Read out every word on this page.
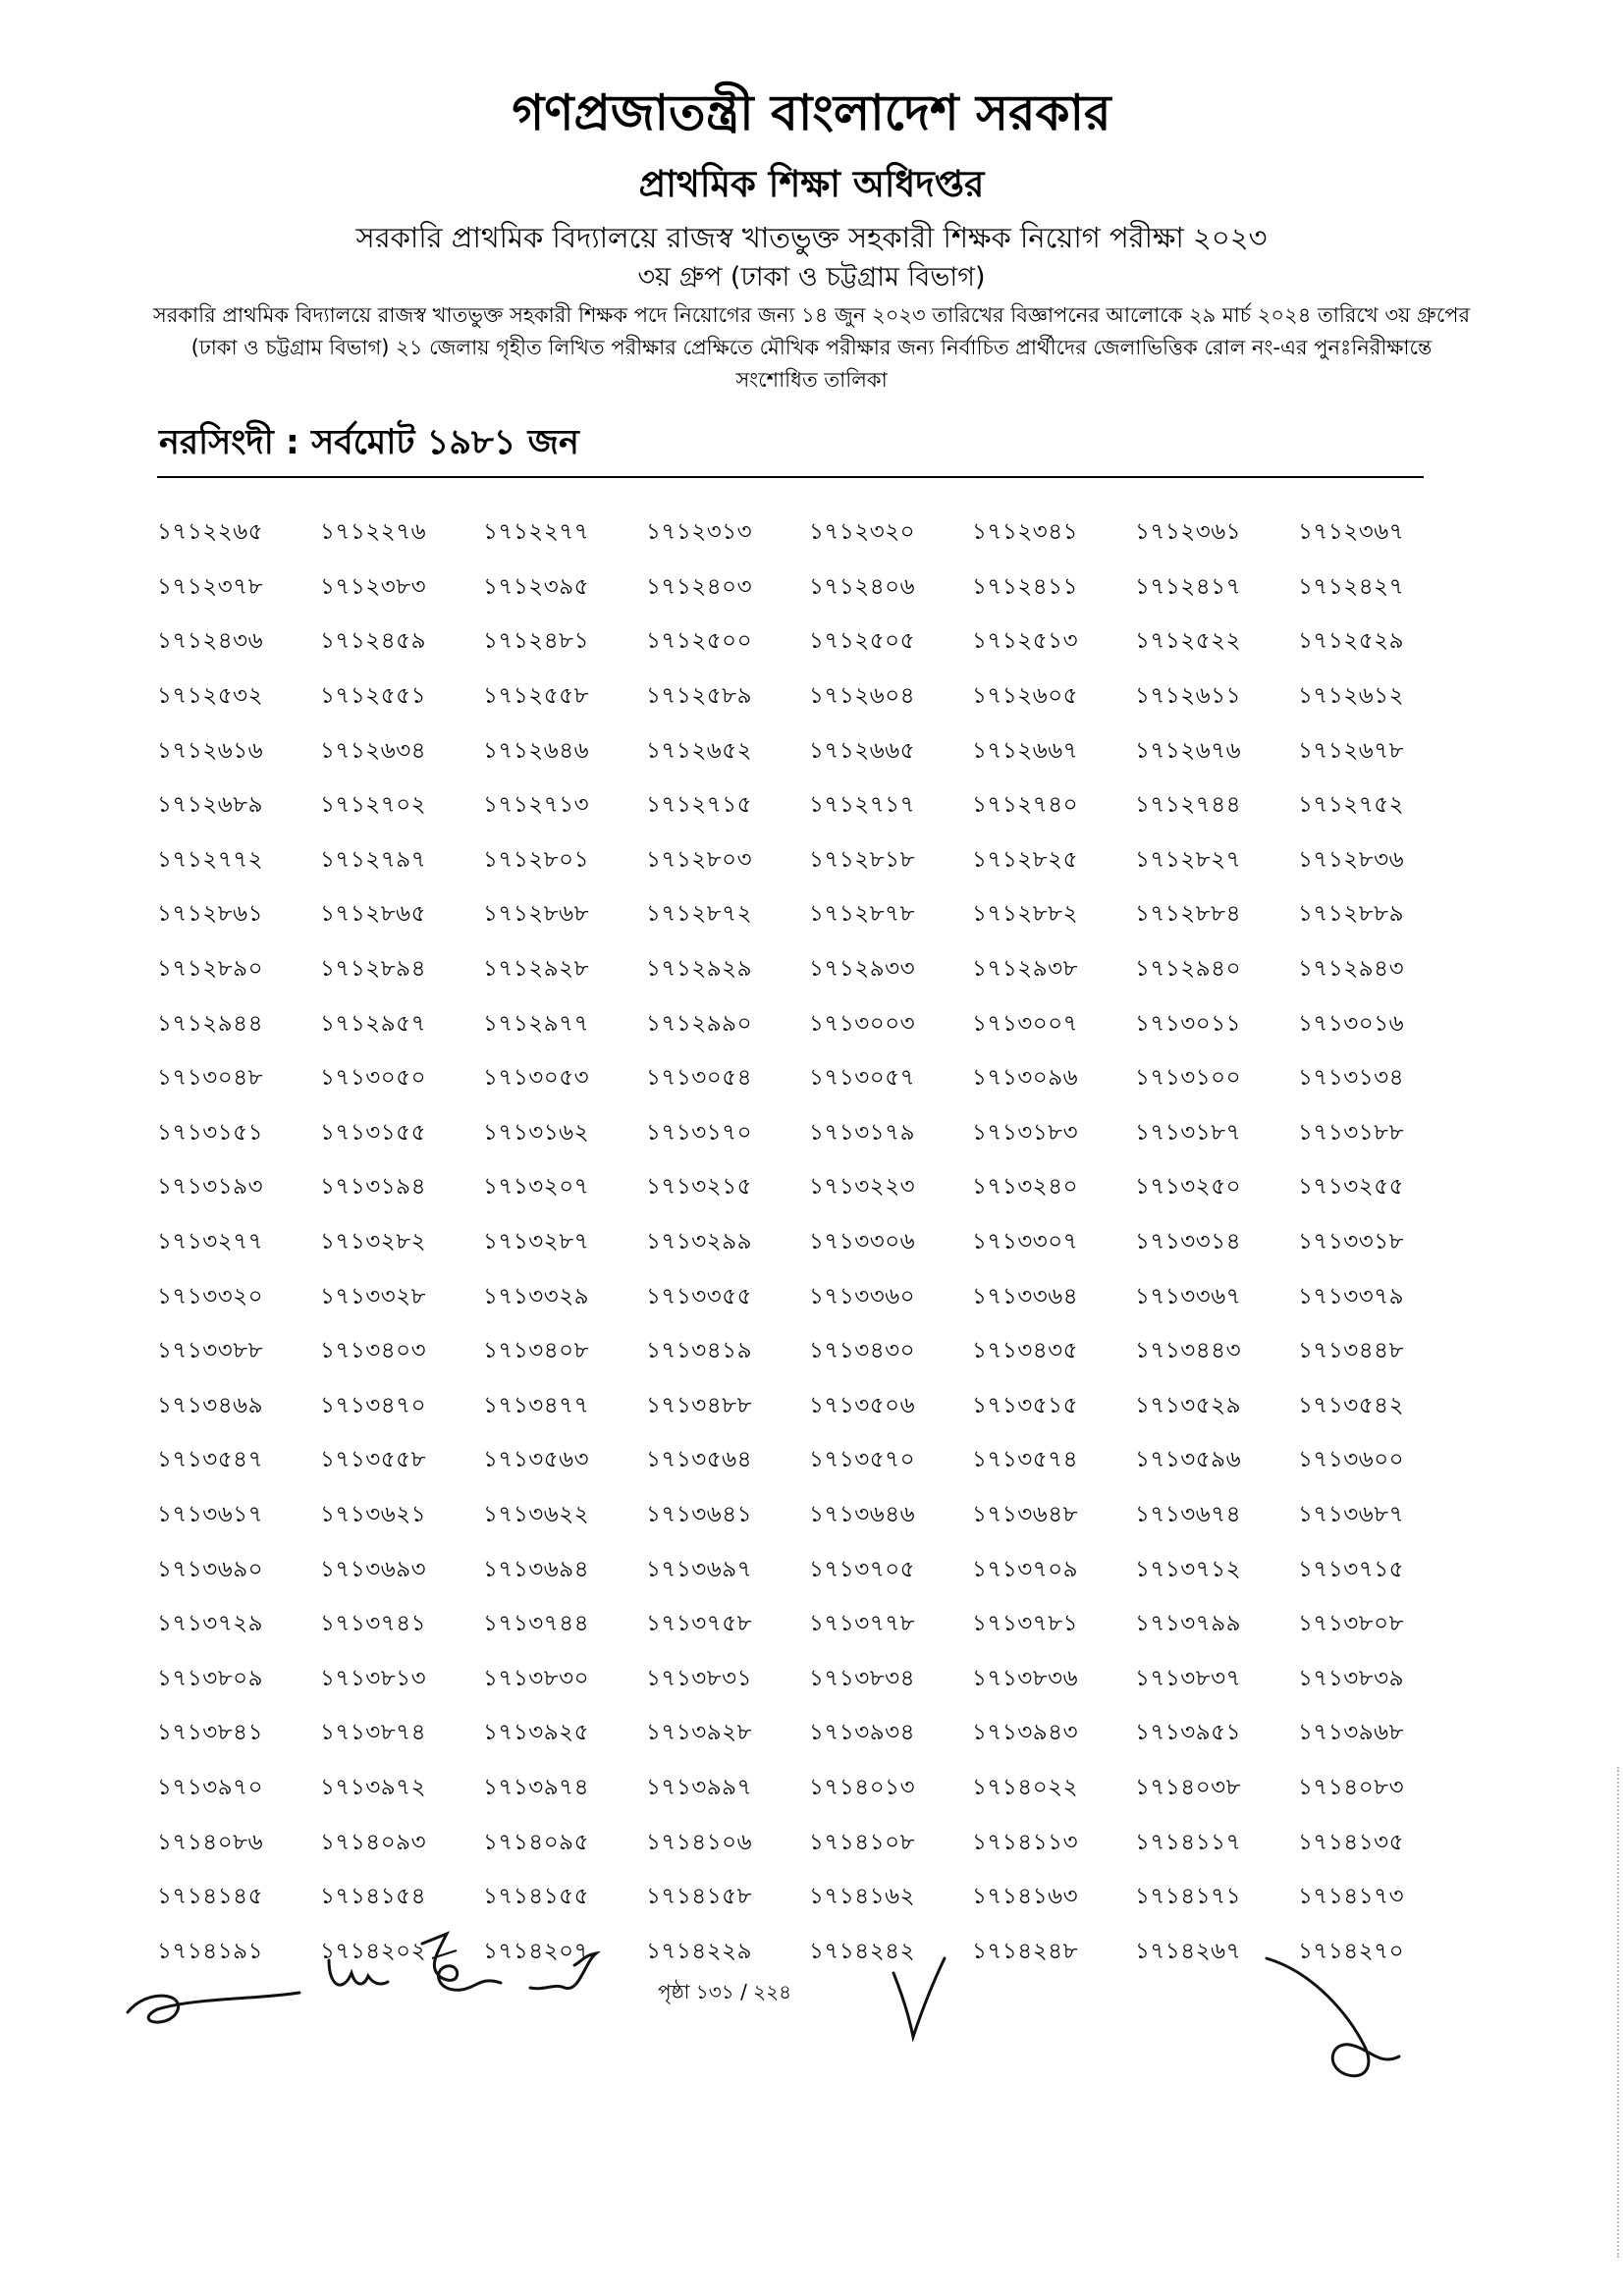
গণপ্রজাতন্ত্রী বাংলাদেশ সরকার
প্রাথমিক শিক্ষা অধিদপ্তর
সরকারি প্রাথমিক বিদ্যালয়ে রাজস্ব খাতভুক্ত সহকারী শিক্ষক নিয়োগ পরীক্ষা ২০২৩
৩য় গ্রুপ (ঢাকা ও চট্টগ্রাম বিভাগ)
সরকারি প্রাথমিক বিদ্যালয়ে রাজস্ব খাতভুক্ত সহকারী শিক্ষক পদে নিয়োগের জন্য ১৪ জুন ২০২৩ তারিখের বিজ্ঞাপনের আলোকে ২৯ মার্চ ২০২৪ তারিখে ৩য় গ্রুপের (ঢাকা ও চট্টগ্রাম বিভাগ) ২১ জেলায় গৃহীত লিখিত পরীক্ষার প্রেক্ষিতে মৌখিক পরীক্ষার জন্য নির্বাচিত প্রার্থীদের জেলাভিত্তিক রোল নং-এর পুনঃনিরীক্ষান্তে সংশোধিত তালিকা
নরসিংদী : সর্বমোট ১৯৮১ জন
১৭১২২৬৫	১৭১২২৭৬	১৭১২২৭৭	১৭১২৩১৩	১৭১২৩২০	১৭১২৩৪১	১৭১২৩৬১	১৭১২৩৬৭
১৭১২৩৭৮	১৭১২৩৮৩	১৭১২৩৯৫	১৭১২৪০৩	১৭১২৪০৬	১৭১২৪১১	১৭১২৪১৭	১৭১২৪২৭
১৭১২৪৩৬	১৭১২৪৫৯	১৭১২৪৮১	১৭১২৫০০	১৭১২৫০৫	১৭১২৫১৩	১৭১২৫২২	১৭১২৫২৯
১৭১২৫৩২	১৭১২৫৫১	১৭১২৫৫৮	১৭১২৫৮৯	১৭১২৬০৪	১৭১২৬০৫	১৭১২৬১১	১৭১২৬১২
১৭১২৬১৬	১৭১২৬৩৪	১৭১২৬৪৬	১৭১২৬৫২	১৭১২৬৬৫	১৭১২৬৬৭	১৭১২৬৭৬	১৭১২৬৭৮
১৭১২৬৮৯	১৭১২৭০২	১৭১২৭১৩	১৭১২৭১৫	১৭১২৭১৭	১৭১২৭৪০	১৭১২৭৪৪	১৭১২৭৫২
১৭১২৭৭২	১৭১২৭৯৭	১৭১২৮০১	১৭১২৮০৩	১৭১২৮১৮	১৭১২৮২৫	১৭১২৮২৭	১৭১২৮৩৬
১৭১২৮৬১	১৭১২৮৬৫	১৭১২৮৬৮	১৭১২৮৭২	১৭১২৮৭৮	১৭১২৮৮২	১৭১২৮৮৪	১৭১২৮৮৯
১৭১২৮৯০	১৭১২৮৯৪	১৭১২৯২৮	১৭১২৯২৯	১৭১২৯৩৩	১৭১২৯৩৮	১৭১২৯৪০	১৭১২৯৪৩
১৭১২৯৪৪	১৭১২৯৫৭	১৭১২৯৭৭	১৭১২৯৯০	১৭১৩০০৩	১৭১৩০০৭	১৭১৩০১১	১৭১৩০১৬
১৭১৩০৪৮	১৭১৩০৫০	১৭১৩০৫৩	১৭১৩০৫৪	১৭১৩০৫৭	১৭১৩০৯৬	১৭১৩১০০	১৭১৩১৩৪
১৭১৩১৫১	১৭১৩১৫৫	১৭১৩১৬২	১৭১৩১৭০	১৭১৩১৭৯	১৭১৩১৮৩	১৭১৩১৮৭	১৭১৩১৮৮
১৭১৩১৯৩	১৭১৩১৯৪	১৭১৩২০৭	১৭১৩২১৫	১৭১৩২২৩	১৭১৩২৪০	১৭১৩২৫০	১৭১৩২৫৫
১৭১৩২৭৭	১৭১৩২৮২	১৭১৩২৮৭	১৭১৩২৯৯	১৭১৩৩০৬	১৭১৩৩০৭	১৭১৩৩১৪	১৭১৩৩১৮
১৭১৩৩২০	১৭১৩৩২৮	১৭১৩৩২৯	১৭১৩৩৫৫	১৭১৩৩৬০	১৭১৩৩৬৪	১৭১৩৩৬৭	১৭১৩৩৭৯
১৭১৩৩৮৮	১৭১৩৪০৩	১৭১৩৪০৮	১৭১৩৪১৯	১৭১৩৪৩০	১৭১৩৪৩৫	১৭১৩৪৪৩	১৭১৩৪৪৮
১৭১৩৪৬৯	১৭১৩৪৭০	১৭১৩৪৭৭	১৭১৩৪৮৮	১৭১৩৫০৬	১৭১৩৫১৫	১৭১৩৫২৯	১৭১৩৫৪২
১৭১৩৫৪৭	১৭১৩৫৫৮	১৭১৩৫৬৩	১৭১৩৫৬৪	১৭১৩৫৭০	১৭১৩৫৭৪	১৭১৩৫৯৬	১৭১৩৬০০
১৭১৩৬১৭	১৭১৩৬২১	১৭১৩৬২২	১৭১৩৬৪১	১৭১৩৬৪৬	১৭১৩৬৪৮	১৭১৩৬৭৪	১৭১৩৬৮৭
১৭১৩৬৯০	১৭১৩৬৯৩	১৭১৩৬৯৪	১৭১৩৬৯৭	১৭১৩৭০৫	১৭১৩৭০৯	১৭১৩৭১২	১৭১৩৭১৫
১৭১৩৭২৯	১৭১৩৭৪১	১৭১৩৭৪৪	১৭১৩৭৫৮	১৭১৩৭৭৮	১৭১৩৭৮১	১৭১৩৭৯৯	১৭১৩৮০৮
১৭১৩৮০৯	১৭১৩৮১৩	১৭১৩৮৩০	১৭১৩৮৩১	১৭১৩৮৩৪	১৭১৩৮৩৬	১৭১৩৮৩৭	১৭১৩৮৩৯
১৭১৩৮৪১	১৭১৩৮৭৪	১৭১৩৯২৫	১৭১৩৯২৮	১৭১৩৯৩৪	১৭১৩৯৪৩	১৭১৩৯৫১	১৭১৩৯৬৮
১৭১৩৯৭০	১৭১৩৯৭২	১৭১৩৯৭৪	১৭১৩৯৯৭	১৭১৪০১৩	১৭১৪০২২	১৭১৪০৩৮	১৭১৪০৮৩
১৭১৪০৮৬	১৭১৪০৯৩	১৭১৪০৯৫	১৭১৪১০৬	১৭১৪১০৮	১৭১৪১১৩	১৭১৪১১৭	১৭১৪১৩৫
১৭১৪১৪৫	১৭১৪১৫৪	১৭১৪১৫৫	১৭১৪১৫৮	১৭১৪১৬২	১৭১৪১৬৩	১৭১৪১৭১	১৭১৪১৭৩
১৭১৪১৯১	১৭১৪২০২	১৭১৪২০৭	১৭১৪২২৯	১৭১৪২৪২	১৭১৪২৪৮	১৭১৪২৬৭	১৭১৪২৭০
পৃষ্ঠা ১৩১ / ২২৪
